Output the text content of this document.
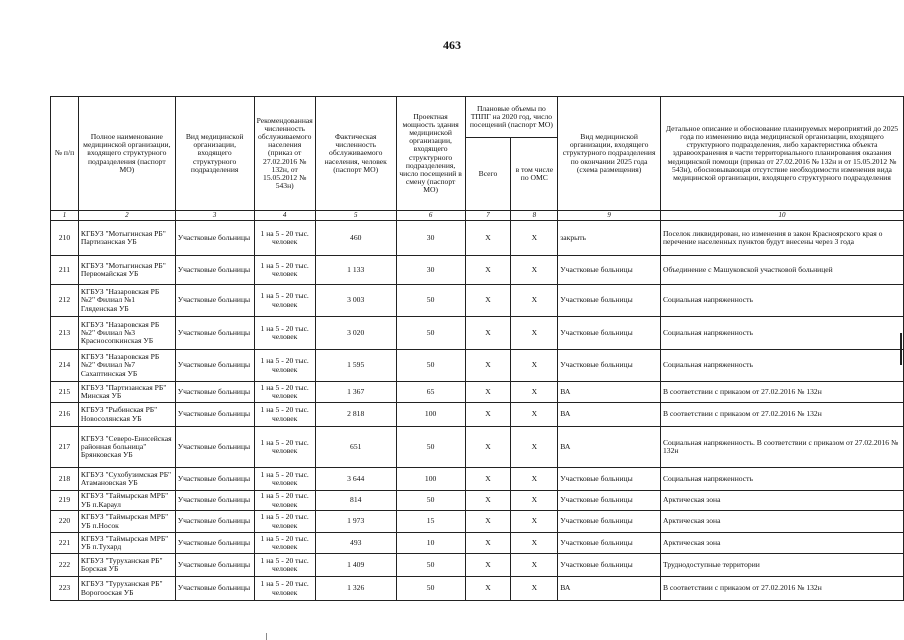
463
№ п/п	Полное наименование медицинской организации, входящего структурного подразделения (паспорт МО)	Вид медицинской организации, входящего структурного подразделения	Рекомендованная численность обслуживаемого населения (приказ от 27.02.2016 № 132н, от 15.05.2012 № 543н)	Фактическая численность обслуживаемого населения, человек (паспорт МО)	Проектная мощность здания медицинской организации, входящего структурного подразделения, число посещений в смену (паспорт МО)	Плановые объемы по ТППГ на 2020 год, число посещений (паспорт МО)		Вид медицинской организации, входящего структурного подразделения по окончании 2025 года (схема размещения)	Детальное описание и обоснование планируемых мероприятий до 2025 года по изменению вида медицинской организации, входящего структурного подразделения, либо характеристика объекта здравоохранения в части территориального планирования оказания медицинской помощи (приказ от 27.02.2016 № 132н и от 15.05.2012 № 543н), обосновывающая отсутствие необходимости изменения вида медицинской организации, входящего структурного подразделения
						Всего	в том числе по ОМС		
1	2	3	4	5	6	7	8	9	10
210	КГБУЗ "Мотыгинская РБ" Партизанская УБ	Участковые больницы	1 на 5 - 20 тыс. человек	460	30	X	X	закрыть	Поселок ликвидирован, но изменения в закон Красноярского края о перечение населенных пунктов будут внесены через 3 года
211	КГБУЗ "Мотыгинская РБ" Первомайская УБ	Участковые больницы	1 на 5 - 20 тыс. человек	1 133	30	X	X	Участковые больницы	Объединение с Машуковской участковой больницей
212	КГБУЗ "Назаровская РБ №2" Филиал №1 Гляденская УБ	Участковые больницы	1 на 5 - 20 тыс. человек	3 003	50	X	X	Участковые больницы	Социальная напряженность
213	КГБУЗ "Назаровская РБ №2" Филиал №3 Красносопкинская УБ	Участковые больницы	1 на 5 - 20 тыс. человек	3 020	50	X	X	Участковые больницы	Социальная напряженность
214	КГБУЗ "Назаровская РБ №2" Филиал №7 Сахаптинская УБ	Участковые больницы	1 на 5 - 20 тыс. человек	1 595	50	X	X	Участковые больницы	Социальная напряженность
215	КГБУЗ "Партизанская РБ" Минская УБ	Участковые больницы	1 на 5 - 20 тыс. человек	1 367	65	X	X	ВА	В соответствии с приказом от 27.02.2016 № 132н
216	КГБУЗ "Рыбинская РБ" Новосолянская УБ	Участковые больницы	1 на 5 - 20 тыс. человек	2 818	100	X	X	ВА	В соответствии с приказом от 27.02.2016 № 132н
217	КГБУЗ "Северо-Енисейская районная больница" Брянковская УБ	Участковые больницы	1 на 5 - 20 тыс. человек	651	50	X	X	ВА	Социальная напряженность. В соответствии с приказом от 27.02.2016 № 132н
218	КГБУЗ "Сухобузимская РБ" Атамановская УБ	Участковые больницы	1 на 5 - 20 тыс. человек	3 644	100	X	X	Участковые больницы	Социальная напряженность
219	КГБУЗ "Таймырская МРБ" УБ п.Караул	Участковые больницы	1 на 5 - 20 тыс. человек	814	50	X	X	Участковые больницы	Арктическая зона
220	КГБУЗ "Таймырская МРБ" УБ п.Носок	Участковые больницы	1 на 5 - 20 тыс. человек	1 973	15	X	X	Участковые больницы	Арктическая зона
221	КГБУЗ "Таймырская МРБ" УБ п.Тухард	Участковые больницы	1 на 5 - 20 тыс. человек	493	10	X	X	Участковые больницы	Арктическая зона
222	КГБУЗ "Туруханская РБ" Борская УБ	Участковые больницы	1 на 5 - 20 тыс. человек	1 409	50	X	X	Участковые больницы	Труднодоступные территории
223	КГБУЗ "Туруханская РБ" Ворогооская УБ	Участковые больницы	1 на 5 - 20 тыс. человек	1 326	50	X	X	ВА	В соответствии с приказом от 27.02.2016 № 132н
